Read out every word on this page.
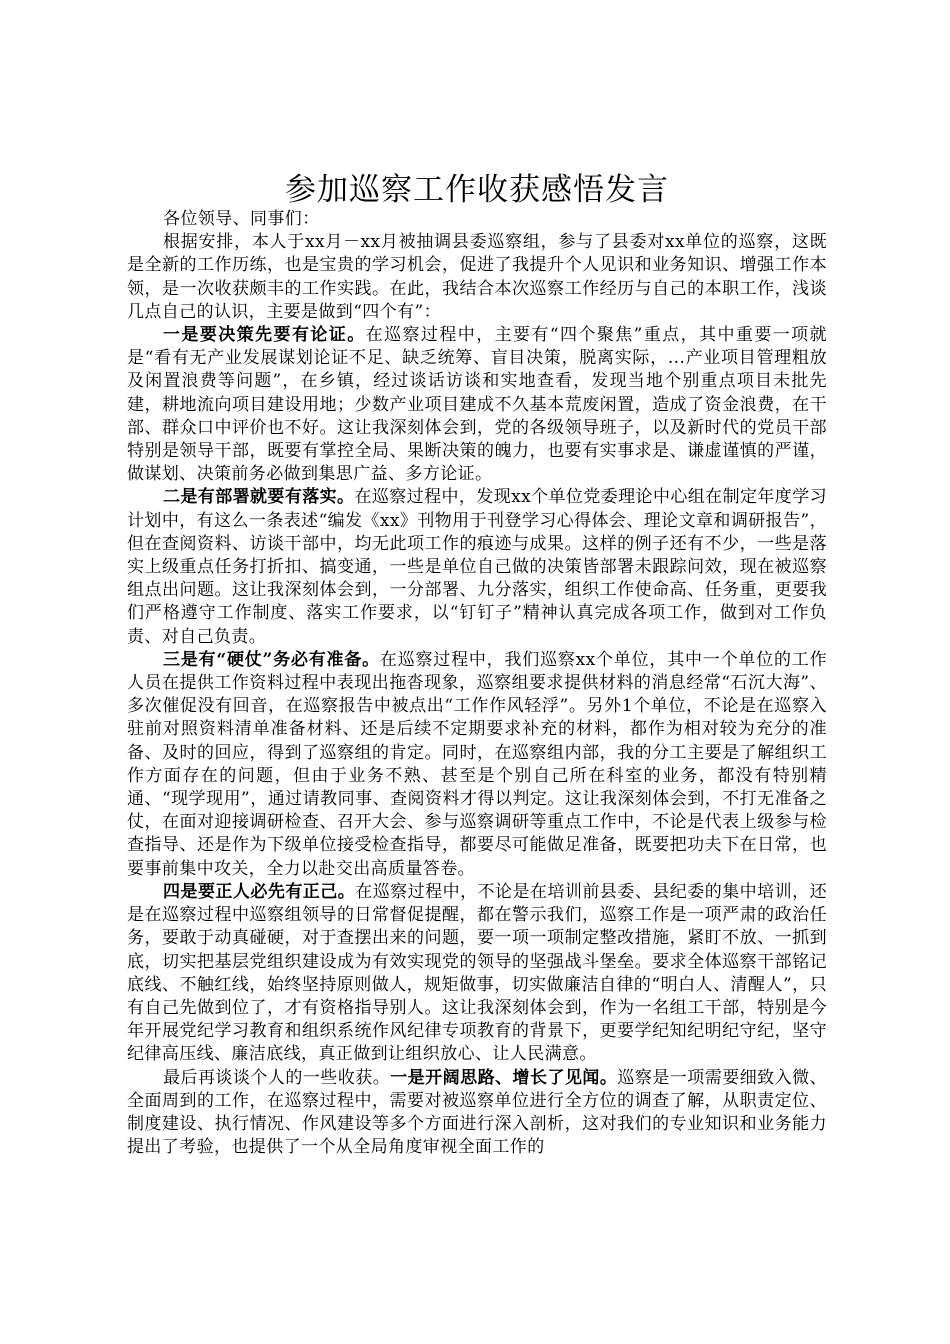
参加巡察工作收获感悟发言

各位领导、同事们：

根据安排，本人于xx月－xx月被抽调县委巡察组，参与了县委对xx单位的巡察，这既是全新的工作历练，也是宝贵的学习机会，促进了我提升个人见识和业务知识、增强工作本领，是一次收获颇丰的工作实践。在此，我结合本次巡察工作经历与自己的本职工作，浅谈几点自己的认识，主要是做到“四个有”：

一是要决策先要有论证。在巡察过程中，主要有“四个聚焦”重点，其中重要一项就是“看有无产业发展谋划论证不足、缺乏统筹、盲目决策，脱离实际，...产业项目管理粗放及闲置浪费等问题”，在乡镇，经过谈话访谈和实地查看，发现当地个别重点项目未批先建，耕地流向项目建设用地；少数产业项目建成不久基本荒废闲置，造成了资金浪费，在干部、群众口中评价也不好。这让我深刻体会到，党的各级领导班子，以及新时代的党员干部特别是领导干部，既要有掌控全局、果断决策的魄力，也要有实事求是、谦虚谨慎的严谨，做谋划、决策前务必做到集思广益、多方论证。

二是有部署就要有落实。在巡察过程中，发现xx个单位党委理论中心组在制定年度学习计划中，有这么一条表述“编发《xx》刊物用于刊登学习心得体会、理论文章和调研报告”，但在查阅资料、访谈干部中，均无此项工作的痕迹与成果。这样的例子还有不少，一些是落实上级重点任务打折扣、搞变通，一些是单位自己做的决策皆部署未跟踪问效，现在被巡察组点出问题。这让我深刻体会到，一分部署、九分落实，组织工作使命高、任务重，更要我们严格遵守工作制度、落实工作要求，以“钉钉子”精神认真完成各项工作，做到对工作负责、对自己负责。

三是有“硬仗”务必有准备。在巡察过程中，我们巡察xx个单位，其中一个单位的工作人员在提供工作资料过程中表现出拖沓现象，巡察组要求提供材料的消息经常“石沉大海”、多次催促没有回音，在巡察报告中被点出“工作作风轻浮”。另外1个单位，不论是在巡察入驻前对照资料清单准备材料、还是后续不定期要求补充的材料，都作为相对较为充分的准备、及时的回应，得到了巡察组的肯定。同时，在巡察组内部，我的分工主要是了解组织工作方面存在的问题，但由于业务不熟、甚至是个别自己所在科室的业务，都没有特别精通、“现学现用”，通过请教同事、查阅资料才得以判定。这让我深刻体会到，不打无准备之仗，在面对迎接调研检查、召开大会、参与巡察调研等重点工作中，不论是代表上级参与检查指导、还是作为下级单位接受检查指导，都要尽可能做足准备，既要把功夫下在日常，也要事前集中攻关，全力以赴交出高质量答卷。

四是要正人必先有正己。在巡察过程中，不论是在培训前县委、县纪委的集中培训，还是在巡察过程中巡察组领导的日常督促提醒，都在警示我们，巡察工作是一项严肃的政治任务，要敢于动真碰硬，对于查摆出来的问题，要一项一项制定整改措施，紧盯不放、一抓到底，切实把基层党组织建设成为有效实现党的领导的坚强战斗堡垒。要求全体巡察干部铭记底线、不触红线，始终坚持原则做人，规矩做事，切实做廉洁自律的“明白人、清醒人”，只有自己先做到位了，才有资格指导别人。这让我深刻体会到，作为一名组工干部，特别是今年开展党纪学习教育和组织系统作风纪律专项教育的背景下，更要学纪知纪明纪守纪，坚守纪律高压线、廉洁底线，真正做到让组织放心、让人民满意。

最后再谈谈个人的一些收获。一是开阔思路、增长了见闻。巡察是一项需要细致入微、全面周到的工作，在巡察过程中，需要对被巡察单位进行全方位的调查了解，从职责定位、制度建设、执行情况、作风建设等多个方面进行深入剖析，这对我们的专业知识和业务能力提出了考验，也提供了一个从全局角度审视全面工作的
